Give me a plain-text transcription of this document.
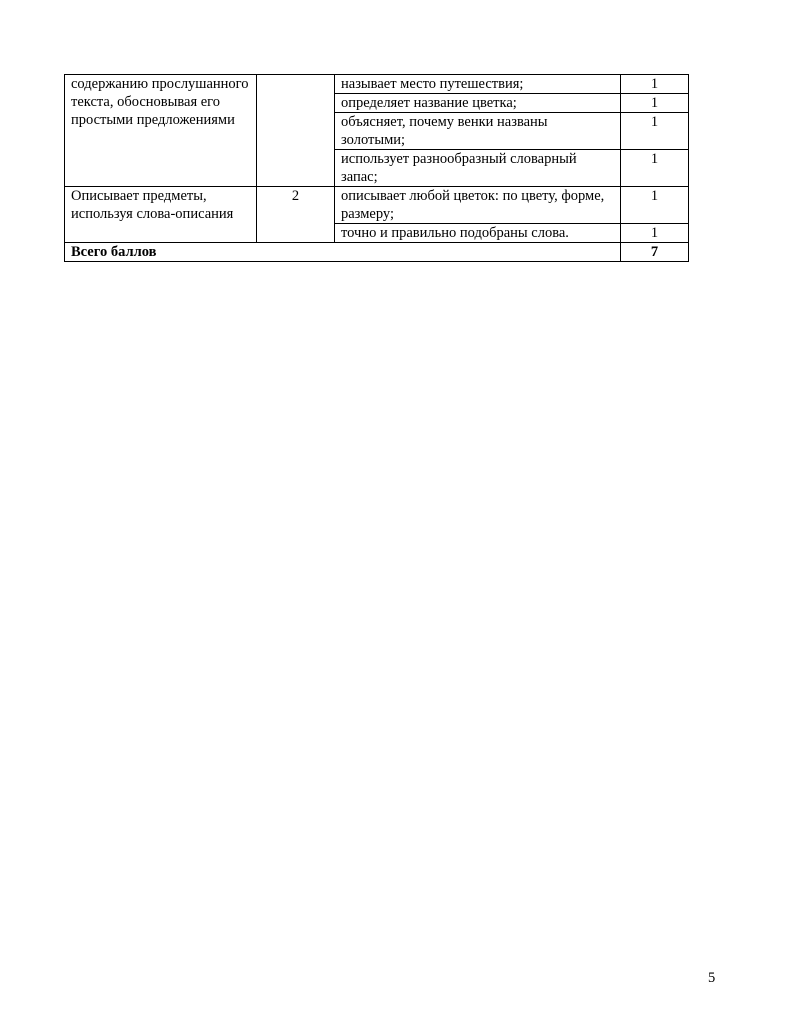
содержанию прослушанного текста, обосновывая его простыми предложениями		называет место путешествия;	1
		определяет название цветка;	1
		объясняет, почему венки названы золотыми;	1
		использует разнообразный словарный запас;	1
Описывает предметы, используя слова-описания	2	описывает любой цветок: по цвету, форме, размеру;	1
		точно и правильно подобраны слова.	1
Всего баллов			7
5
